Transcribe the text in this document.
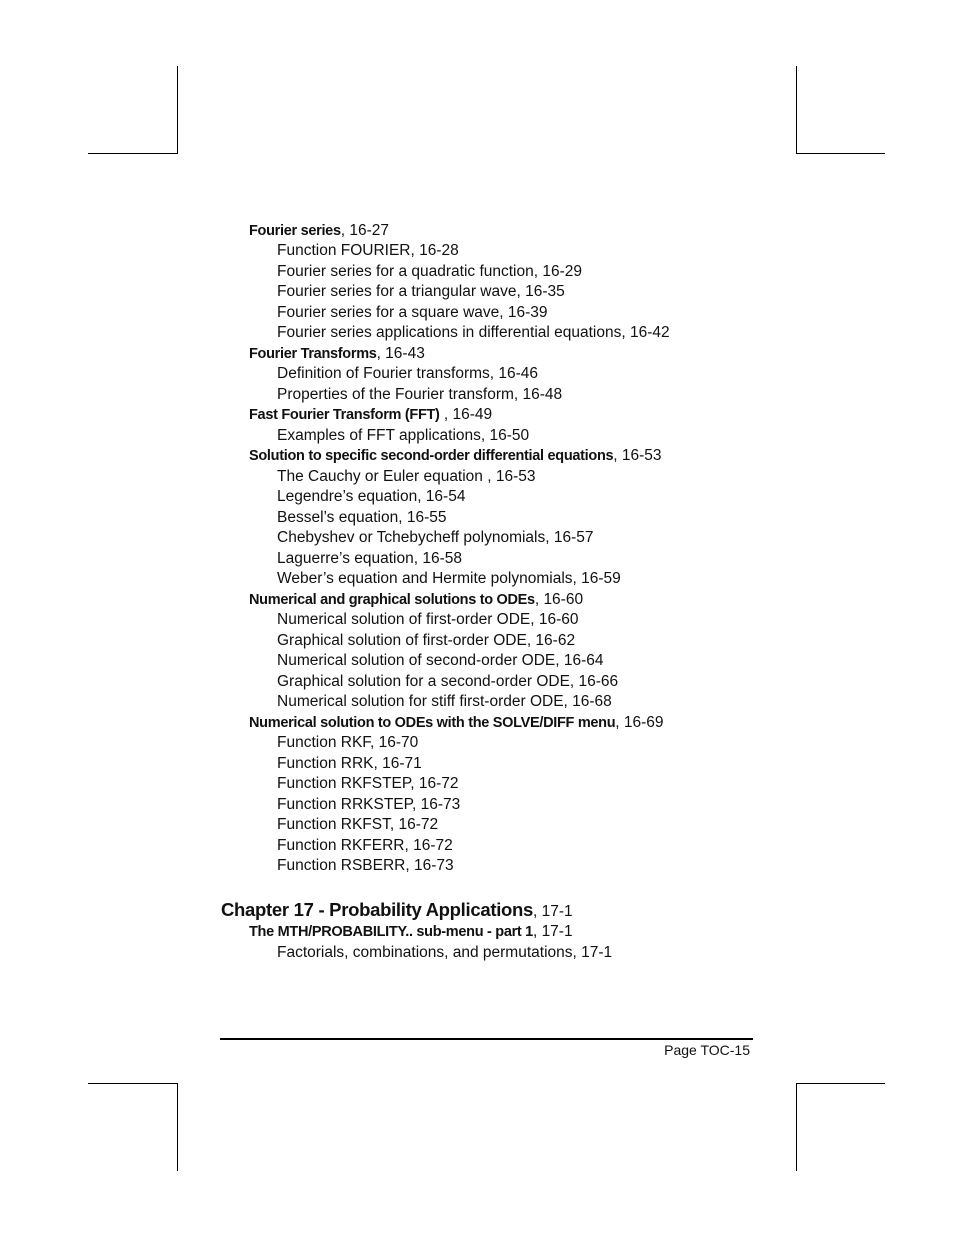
Fourier series, 16-27
Function FOURIER, 16-28
Fourier series for a quadratic function, 16-29
Fourier series for a triangular wave, 16-35
Fourier series for a square wave, 16-39
Fourier series applications in differential equations, 16-42
Fourier Transforms, 16-43
Definition of Fourier transforms, 16-46
Properties of the Fourier transform, 16-48
Fast Fourier Transform (FFT) , 16-49
Examples of FFT applications, 16-50
Solution to specific second-order differential equations, 16-53
The Cauchy or Euler equation , 16-53
Legendre’s equation, 16-54
Bessel’s equation, 16-55
Chebyshev or Tchebycheff polynomials, 16-57
Laguerre’s equation, 16-58
Weber’s equation and Hermite polynomials, 16-59
Numerical and graphical solutions to ODEs, 16-60
Numerical solution of first-order ODE, 16-60
Graphical solution of first-order ODE, 16-62
Numerical solution of second-order ODE, 16-64
Graphical solution for a second-order ODE, 16-66
Numerical solution for stiff first-order ODE, 16-68
Numerical solution to ODEs with the SOLVE/DIFF menu, 16-69
Function RKF, 16-70
Function RRK, 16-71
Function RKFSTEP, 16-72
Function RRKSTEP, 16-73
Function RKFST, 16-72
Function RKFERR, 16-72
Function RSBERR, 16-73
Chapter 17 - Probability Applications, 17-1
The MTH/PROBABILITY.. sub-menu - part 1, 17-1
Factorials, combinations, and permutations, 17-1
Page TOC-15
